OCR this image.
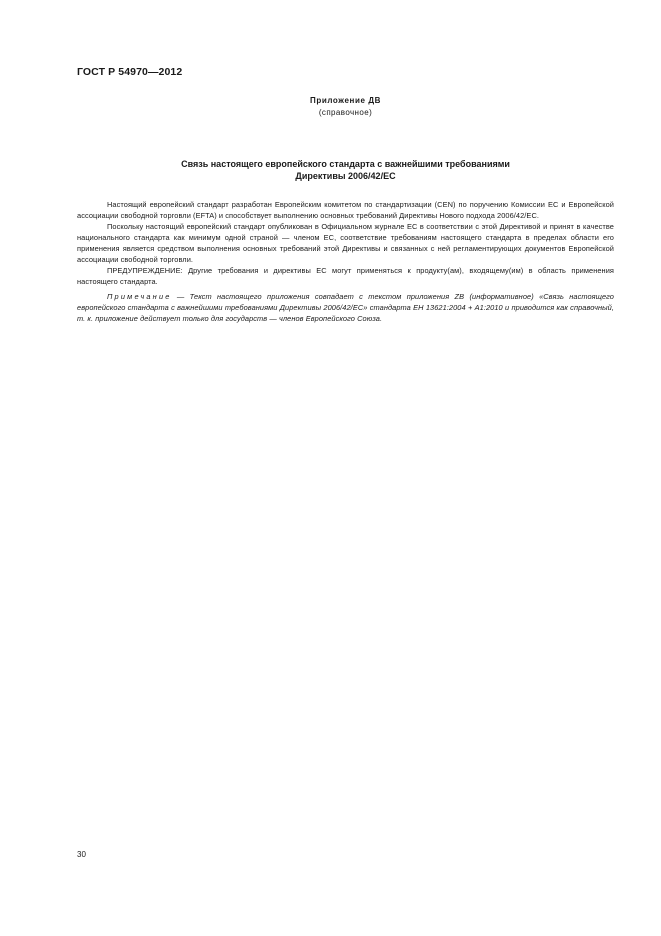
ГОСТ Р 54970—2012
Приложение ДВ
(справочное)
Связь настоящего европейского стандарта с важнейшими требованиями
Директивы 2006/42/ЕС

Настоящий европейский стандарт разработан Европейским комитетом по стандартизации (CEN) по поручению Комиссии ЕС и Европейской ассоциации свободной торговли (EFTA) и способствует выполнению основных требований Директивы Нового подхода 2006/42/ЕС.

Поскольку настоящий европейский стандарт опубликован в Официальном журнале ЕС в соответствии с этой Директивой и принят в качестве национального стандарта как минимум одной страной — членом ЕС, соответствие требованиям настоящего стандарта в пределах области его применения является средством выполнения основных требований этой Директивы и связанных с ней регламентирующих документов Европейской ассоциации свободной торговли.

ПРЕДУПРЕЖДЕНИЕ: Другие требования и директивы ЕС могут применяться к продукту(ам), входящему(им) в область применения настоящего стандарта.

Примечание — Текст настоящего приложения совпадает с текстом приложения ZB (информативное) «Связь настоящего европейского стандарта с важнейшими требованиями Директивы 2006/42/ЕС» стандарта ЕН 13621:2004 + А1:2010 и приводится как справочный, т. к. приложение действует только для государств — членов Европейского Союза.

30
